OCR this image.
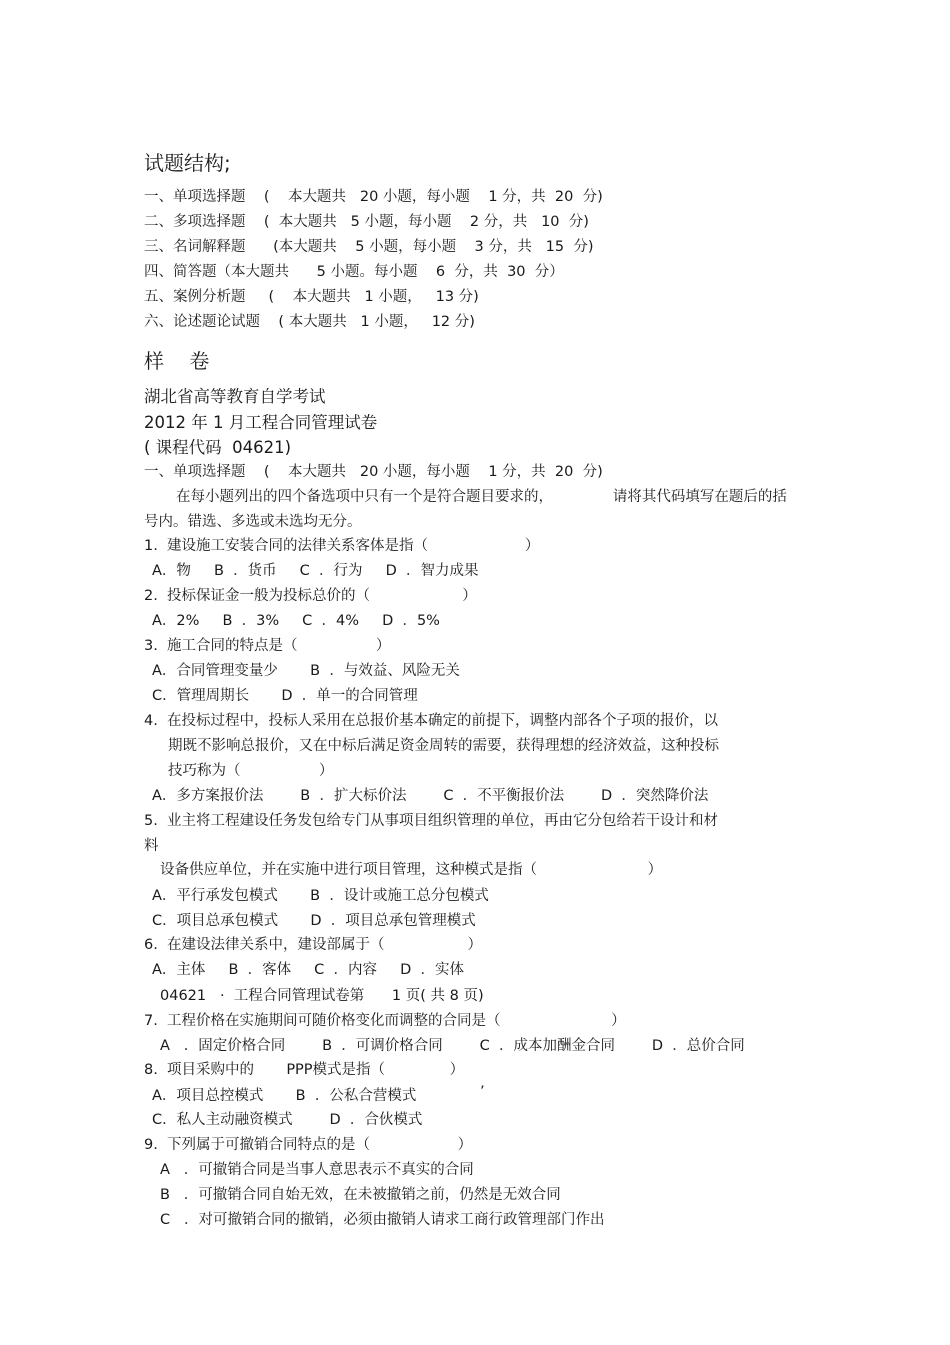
试题结构;
一、单项选择题    (    本大题共   20 小题，每小题    1 分，共  20  分)
二、多项选择题    (  本大题共   5 小题，每小题    2 分，共   10  分)
三、名词解释题      (本大题共    5 小题，每小题    3 分，共   15  分)
四、简答题（本大题共      5 小题。每小题    6  分，共  30  分）
五、案例分析题     (    本大题共   1 小题，   13 分)
六、论述题论试题    ( 本大题共   1 小题，   12 分)
样    卷
湖北省高等教育自学考试
2012 年 1 月工程合同管理试卷
( 课程代码  04621)
一、单项选择题    (    本大题共   20 小题，每小题    1 分，共  20  分)
在每小题列出的四个备选项中只有一个是符合题目要求的，             请将其代码填写在题后的括
号内。错选、多选或未选均无分。
1.  建设施工安装合同的法律关系客体是指（                     ）
A．物     B  ．货币     C  ．行为     D  ．智力成果
2.  投标保证金一般为投标总价的（                    ）
A．2%     B  ．3%     C  ．4%     D  ．5%
3.  施工合同的特点是（                 ）
A．合同管理变量少       B  ．与效益、风险无关
C．管理周期长       D  ．单一的合同管理
4.  在投标过程中，投标人采用在总报价基本确定的前提下，调整内部各个子项的报价，以
期既不影响总报价，又在中标后满足资金周转的需要，获得理想的经济效益，这种投标
技巧称为（                 ）
A．多方案报价法        B  ．扩大标价法        C  ．不平衡报价法        D  ．突然降价法
5.  业主将工程建设任务发包给专门从事项目组织管理的单位，再由它分包给若干设计和材
料
设备供应单位，并在实施中进行项目管理，这种模式是指（                        ）
A．平行承发包模式       B  ．设计或施工总分包模式
C．项目总承包模式       D  ．项目总承包管理模式
6.  在建设法律关系中，建设部属于（                  ）
A．主体     B  ．客体     C  ．内容     D  ．实体
04621   ·  工程合同管理试卷第      1 页( 共 8 页)
7.  工程价格在实施期间可随价格变化而调整的合同是（                        ）
A   ．固定价格合同        B  ．可调价格合同        C  ．成本加酬金合同        D  ．总价合同
8.  项目采购中的       PPP模式是指（              ）
A．项目总控模式       B  ．公私合营模式	’
C．私人主动融资模式        D  ．合伙模式
9.  下列属于可撤销合同特点的是（                   ）
A   ．可撤销合同是当事人意思表示不真实的合同
B   ．可撤销合同自始无效，在未被撤销之前，仍然是无效合同
C   ．对可撤销合同的撤销，必须由撤销人请求工商行政管理部门作出
